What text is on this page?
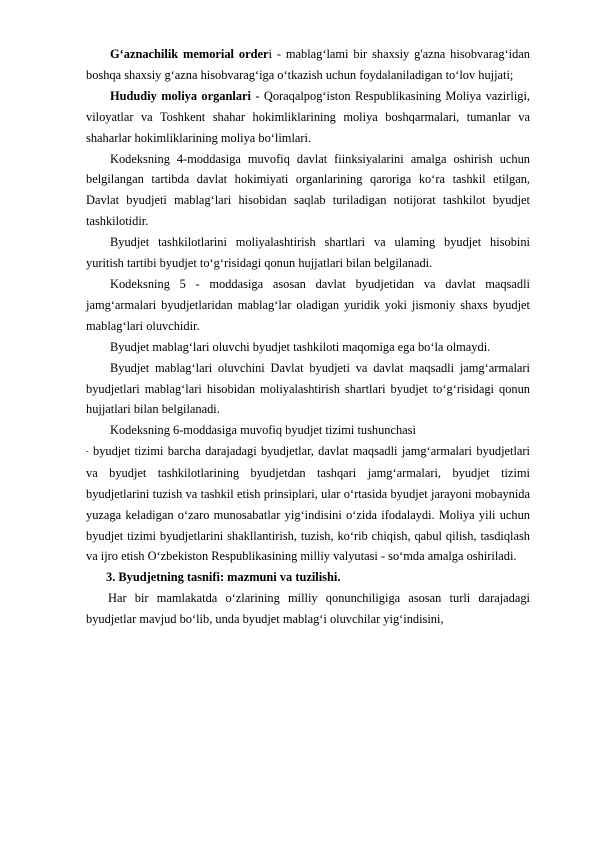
G‘aznachilik memorial orderi - mablag‘lami bir shaxsiy g'azna hisobvarag‘idan boshqa shaxsiy g‘azna hisobvarag‘iga o‘tkazish uchun foydalaniladigan to‘lov hujjati;

Hududiy moliya organlari - Qoraqalpog‘iston Respublikasining Moliya vazirligi, viloyatlar va Toshkent shahar hokimliklarining moliya boshqarmalari, tumanlar va shaharlar hokimliklarining moliya bo‘limlari.

Kodeksning 4-moddasiga muvofiq davlat fiinksiyalarini amalga oshirish uchun belgilangan tartibda davlat hokimiyati organlarining qaroriga ko‘ra tashkil etilgan, Davlat byudjeti mablag‘lari hisobidan saqlab turiladigan notijorat tashkilot byudjet tashkilotidir.

Byudjet tashkilotlarini moliyalashtirish shartlari va ulaming byudjet hisobini yuritish tartibi byudjet to‘g‘risidagi qonun hujjatlari bilan belgilanadi.

Kodeksning 5 - moddasiga asosan davlat byudjetidan va davlat maqsadli jamg‘armalari byudjetlaridan mablag‘lar oladigan yuridik yoki jismoniy shaxs byudjet mablag‘lari oluvchidir.

Byudjet mablag‘lari oluvchi byudjet tashkiloti maqomiga ega bo‘la olmaydi.

Byudjet mablag‘lari oluvchini Davlat byudjeti va davlat maqsadli jamg‘armalari byudjetlari mablag‘lari hisobidan moliyalashtirish shartlari byudjet to‘g‘risidagi qonun hujjatlari bilan belgilanadi.

Kodeksning 6-moddasiga muvofiq byudjet tizimi tushunchasi

- byudjet tizimi barcha darajadagi byudjetlar, davlat maqsadli jamg‘armalari byudjetlari va byudjet tashkilotlarining byudjetdan tashqari jamg‘armalari, byudjet tizimi byudjetlarini tuzish va tashkil etish prinsiplari, ular o‘rtasida byudjet jarayoni mobaynida yuzaga keladigan o‘zaro munosabatlar yig‘indisini o‘zida ifodalaydi. Moliya yili uchun byudjet tizimi byudjetlarini shakllantirish, tuzish, ko‘rib chiqish, qabul qilish, tasdiqlash va ijro etish O‘zbekiston Respublikasining milliy valyutasi - so‘mda amalga oshiriladi.

3. Byudjetning tasnifi: mazmuni va tuzilishi.

Har bir mamlakatda o‘zlarining milliy qonunchiligiga asosan turli darajadagi byudjetlar mavjud bo‘lib, unda byudjet mablag‘i oluvchilar yig‘indisini,
